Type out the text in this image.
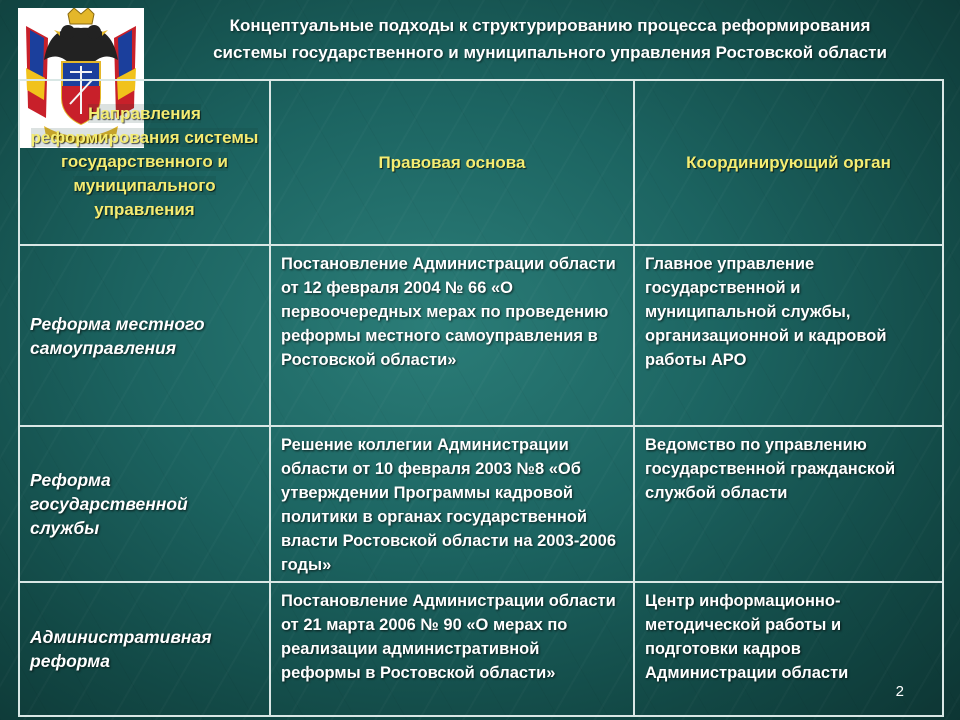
Концептуальные подходы к структурированию процесса реформирования
системы государственного и муниципального управления Ростовской области
Направления реформирования системы государственного и муниципального управления	Правовая основа	Координирующий орган
Реформа местного самоуправления	Постановление Администрации области от 12 февраля 2004 № 66 «О первоочередных мерах по проведению реформы местного самоуправления в Ростовской области»	Главное управление государственной и муниципальной службы, организационной и кадровой работы АРО
Реформа государственной службы	Решение коллегии Администрации области от 10 февраля 2003 №8 «Об утверждении Программы кадровой политики в органах государственной власти Ростовской области на 2003-2006 годы»	Ведомство по управлению государственной гражданской службой области
Административная реформа	Постановление Администрации области от 21 марта 2006 № 90 «О мерах по реализации административной реформы в Ростовской области»	Центр информационно-методической работы и подготовки кадров Администрации области
2
